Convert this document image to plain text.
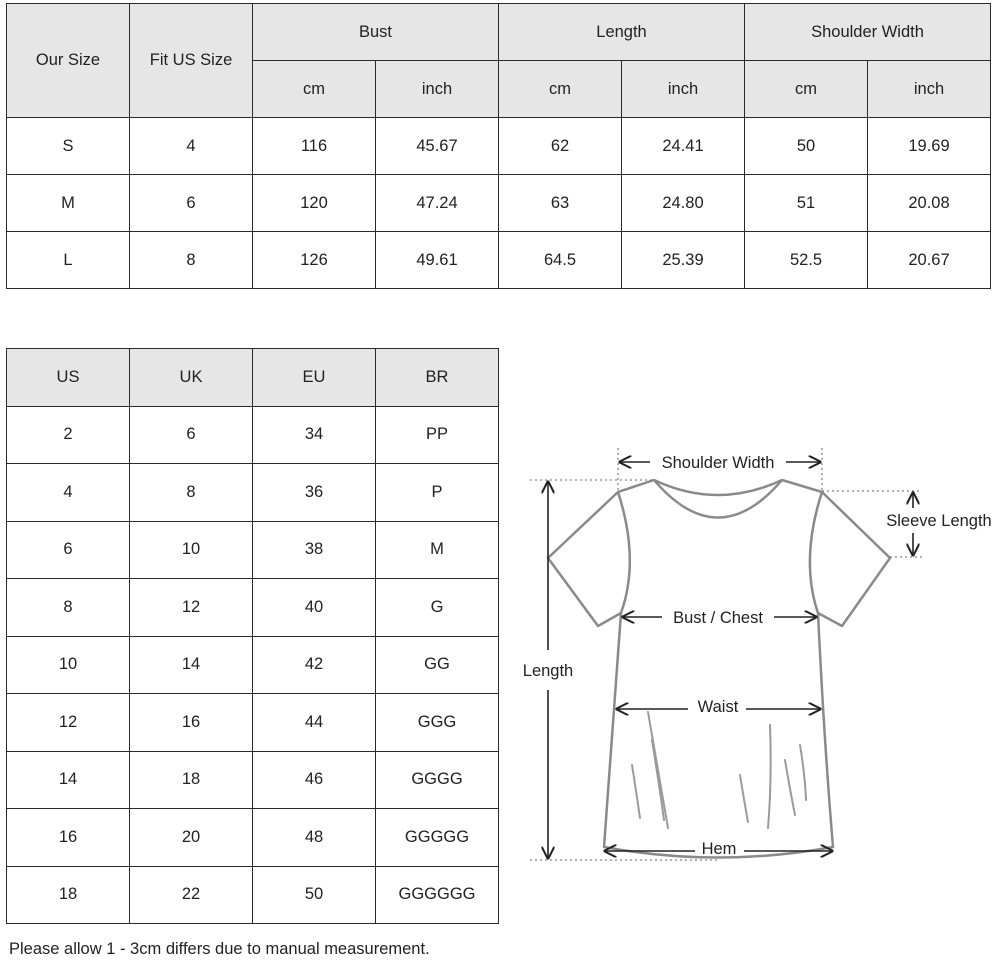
Our Size	Fit US Size	Bust		Length		Shoulder Width	
		cm	inch	cm	inch	cm	inch
S	4	116	45.67	62	24.41	50	19.69
M	6	120	47.24	63	24.80	51	20.08
L	8	126	49.61	64.5	25.39	52.5	20.67
US	UK	EU	BR
2	6	34	PP
4	8	36	P
6	10	38	M
8	12	40	G
10	14	42	GG
12	16	44	GGG
14	18	46	GGGG
16	20	48	GGGGG
18	22	50	GGGGGG
Shoulder Width
Sleeve Length
Length
Bust / Chest
Waist
Hem
Please allow 1 - 3cm differs due to manual measurement.
